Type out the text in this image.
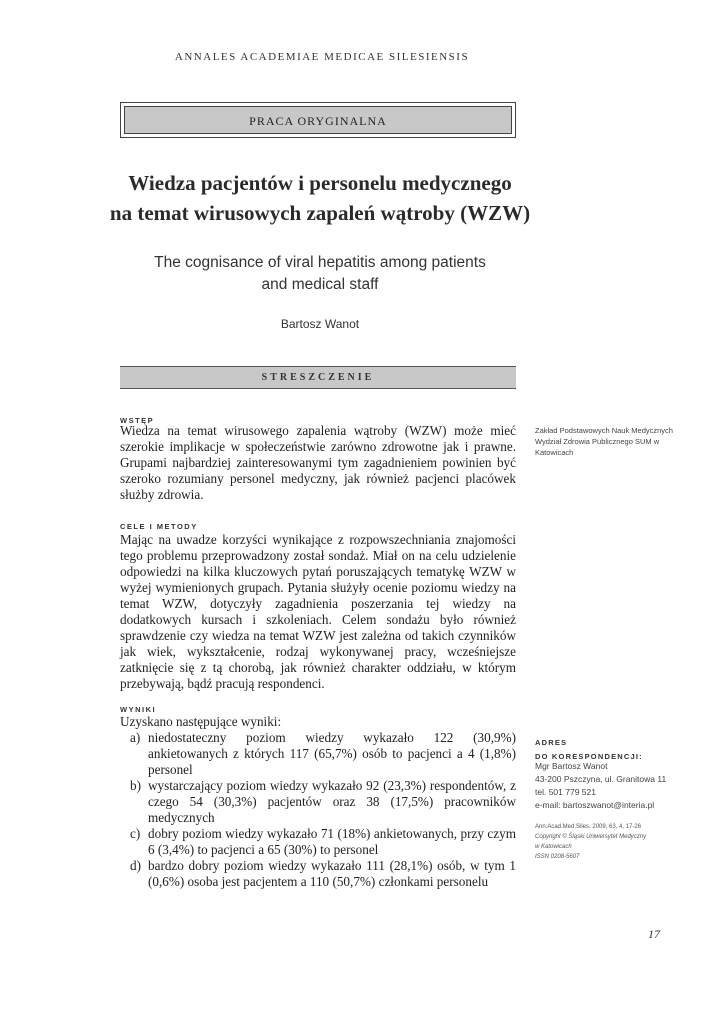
ANNALES ACADEMIAE MEDICAE SILESIENSIS
PRACA ORYGINALNA
Wiedza pacjentów i personelu medycznego
na temat wirusowych zapaleń wątroby (WZW)
The cognisance of viral hepatitis among patients
and medical staff
Bartosz Wanot
STRESZCZENIE
WSTĘP
Wiedza na temat wirusowego zapalenia wątroby (WZW) może mieć szerokie implikacje w społeczeństwie zarówno zdrowotne jak i prawne. Grupami najbardziej zainteresowanymi tym zagadnieniem powinien być szeroko rozumiany personel medyczny, jak również pacjenci placówek służby zdrowia.
CELE I METODY
Mając na uwadze korzyści wynikające z rozpowszechniania znajomości tego problemu przeprowadzony został sondaż. Miał on na celu udzielenie odpowiedzi na kilka kluczowych pytań poruszających tematykę WZW w wyżej wymienionych grupach. Pytania służyły ocenie poziomu wiedzy na temat WZW, dotyczyły zagadnienia poszerzania tej wiedzy na dodatkowych kursach i szkoleniach. Celem sondażu było również sprawdzenie czy wiedza na temat WZW jest zależna od takich czynników jak wiek, wykształcenie, rodzaj wykonywanej pracy, wcześniejsze zatknięcie się z tą chorobą, jak również charakter oddziału, w którym przebywają, bądź pracują respondenci.
WYNIKI
Uzyskano następujące wyniki:
a) niedostateczny poziom wiedzy wykazało 122 (30,9%) ankietowanych z których 117 (65,7%) osób to pacjenci a 4 (1,8%) personel
b) wystarczający poziom wiedzy wykazało 92 (23,3%) respondentów, z czego 54 (30,3%) pacjentów oraz 38 (17,5%) pracowników medycznych
c) dobry poziom wiedzy wykazało 71 (18%) ankietowanych, przy czym 6 (3,4%) to pacjenci a 65 (30%) to personel
d) bardzo dobry poziom wiedzy wykazało 111 (28,1%) osób, w tym 1 (0,6%) osoba jest pacjentem a 110 (50,7%) członkami personelu
Zakład Podstawowych Nauk Medycznych Wydział Zdrowia Publicznego SUM w Katowicach
ADRES
DO KORESPONDENCJI:
Mgr Bartosz Wanot
43-200 Pszczyna, ul. Granitowa 11
tel. 501 779 521
e-mail: bartoszwanot@interia.pl
Ann.Acad.Med.Siles. 2009, 63, 4, 17-26
Copyright © Śląski Uniwersytet Medyczny
w Katowicach
ISSN 0208-5607
17
